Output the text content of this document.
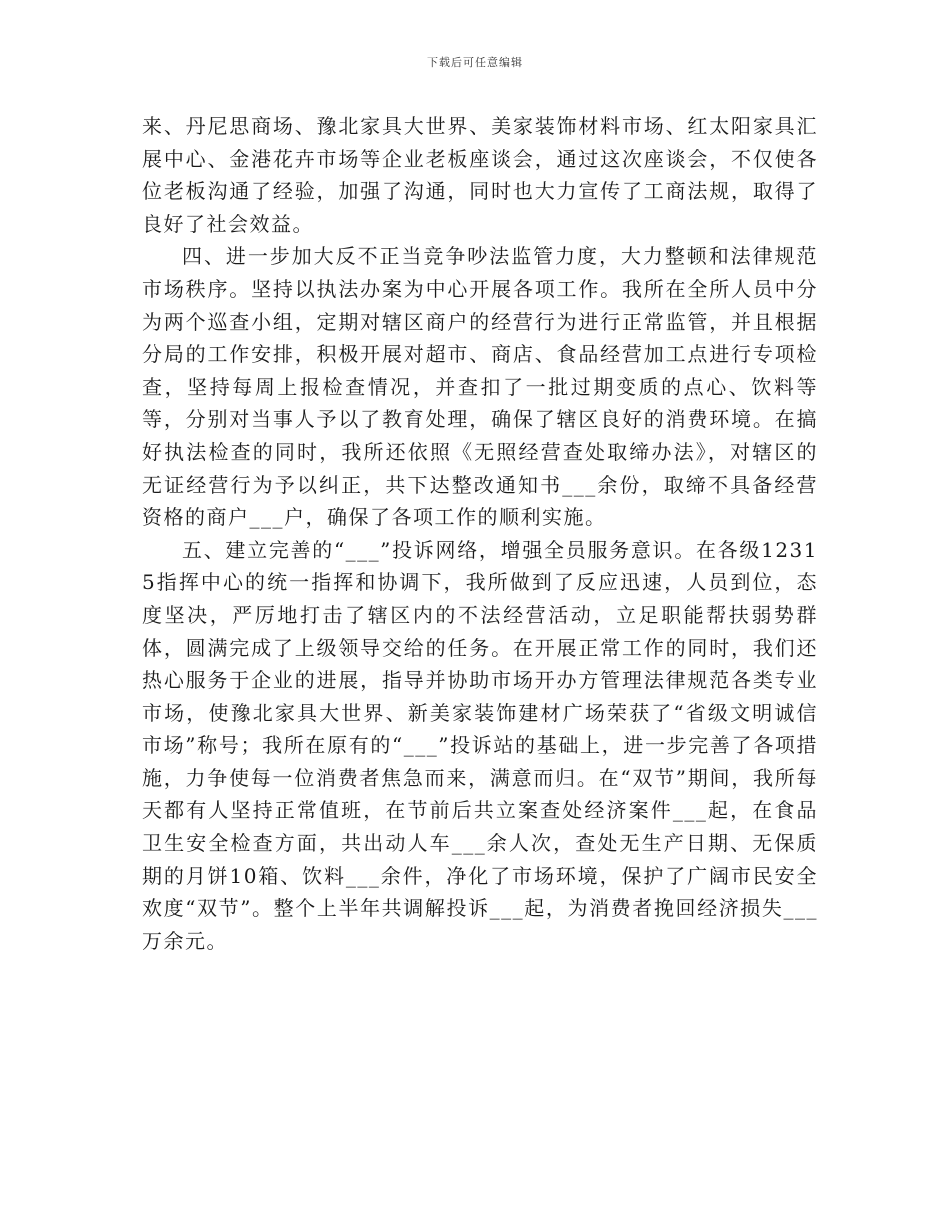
下载后可任意编辑

来、丹尼思商场、豫北家具大世界、美家装饰材料市场、红太阳家具汇展中心、金港花卉市场等企业老板座谈会，通过这次座谈会，不仅使各位老板沟通了经验，加强了沟通，同时也大力宣传了工商法规，取得了良好了社会效益。

四、进一步加大反不正当竞争吵法监管力度，大力整顿和法律规范市场秩序。坚持以执法办案为中心开展各项工作。我所在全所人员中分为两个巡查小组，定期对辖区商户的经营行为进行正常监管，并且根据分局的工作安排，积极开展对超市、商店、食品经营加工点进行专项检查，坚持每周上报检查情况，并查扣了一批过期变质的点心、饮料等等，分别对当事人予以了教育处理，确保了辖区良好的消费环境。在搞好执法检查的同时，我所还依照《无照经营查处取缔办法》，对辖区的无证经营行为予以纠正，共下达整改通知书___余份，取缔不具备经营资格的商户___户，确保了各项工作的顺利实施。

五、建立完善的“___”投诉网络，增强全员服务意识。在各级12315指挥中心的统一指挥和协调下，我所做到了反应迅速，人员到位，态度坚决，严厉地打击了辖区内的不法经营活动，立足职能帮扶弱势群体，圆满完成了上级领导交给的任务。在开展正常工作的同时，我们还热心服务于企业的进展，指导并协助市场开办方管理法律规范各类专业市场，使豫北家具大世界、新美家装饰建材广场荣获了“省级文明诚信市场”称号；我所在原有的“___”投诉站的基础上，进一步完善了各项措施，力争使每一位消费者焦急而来，满意而归。在“双节”期间，我所每天都有人坚持正常值班，在节前后共立案查处经济案件___起，在食品卫生安全检查方面，共出动人车___余人次，查处无生产日期、无保质期的月饼10箱、饮料___余件，净化了市场环境，保护了广阔市民安全欢度“双节”。整个上半年共调解投诉___起，为消费者挽回经济损失___万余元。
